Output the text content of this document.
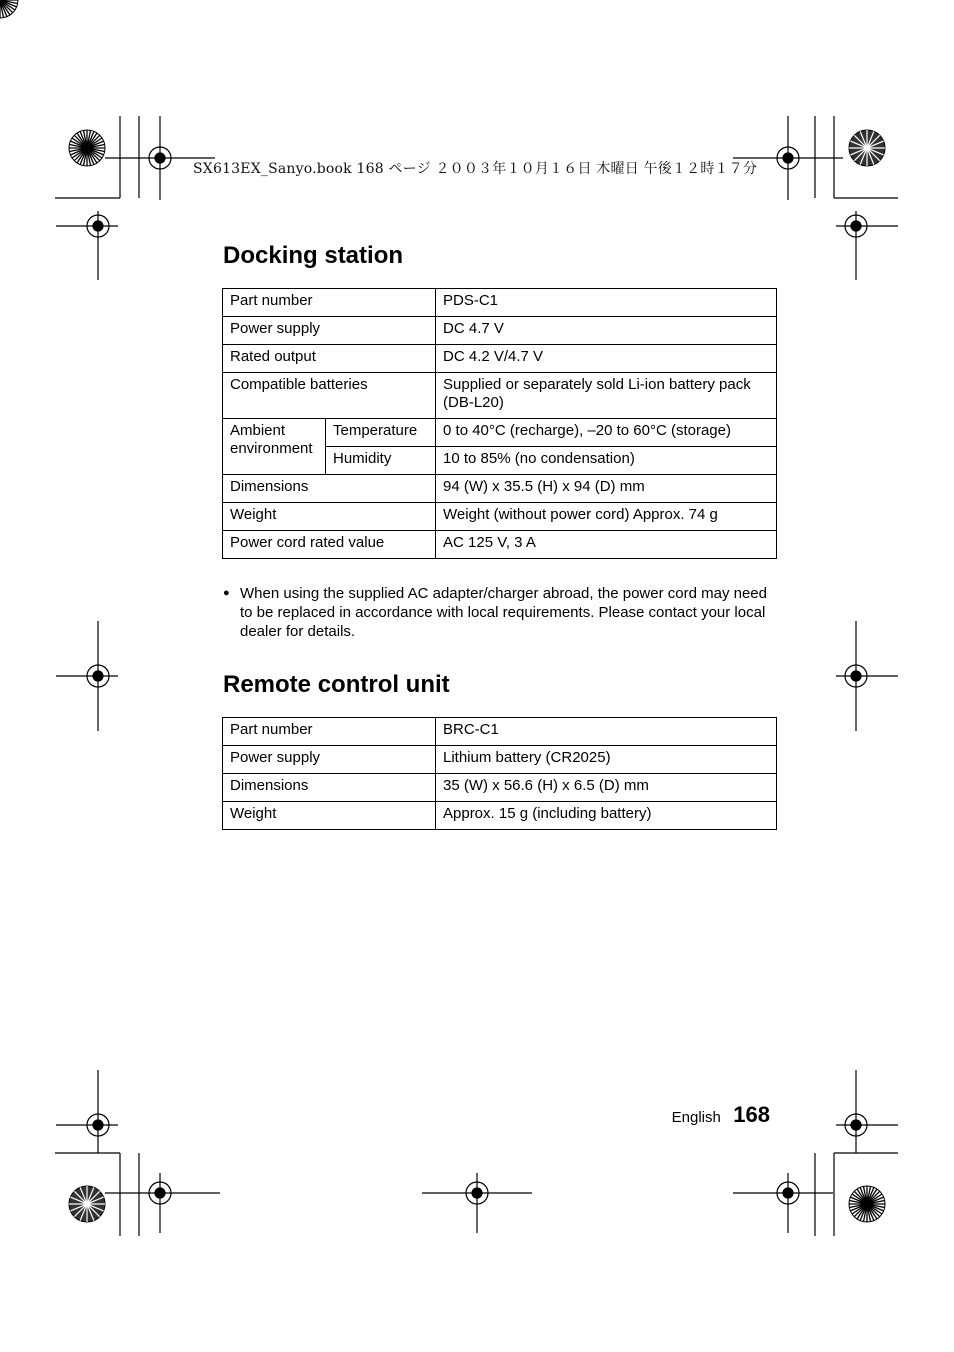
SX613EX_Sanyo.book 168 ページ ２００３年１０月１６日 木曜日 午後１２時１７分
Docking station
Part number		PDS-C1
Power supply		DC 4.7 V
Rated output		DC 4.2 V/4.7 V
Compatible batteries		Supplied or separately sold Li-ion battery pack (DB-L20)
Ambient environment	Temperature	0 to 40°C (recharge), –20 to 60°C (storage)
	Humidity	10 to 85% (no condensation)
Dimensions		94 (W) x 35.5 (H) x 94 (D) mm
Weight		Weight (without power cord) Approx. 74 g
Power cord rated value		AC 125 V, 3 A
● When using the supplied AC adapter/charger abroad, the power cord may need to be replaced in accordance with local requirements. Please contact your local dealer for details.
Remote control unit
Part number	BRC-C1
Power supply	Lithium battery (CR2025)
Dimensions	35 (W) x 56.6 (H) x 6.5 (D) mm
Weight	Approx. 15 g (including battery)
English 168
